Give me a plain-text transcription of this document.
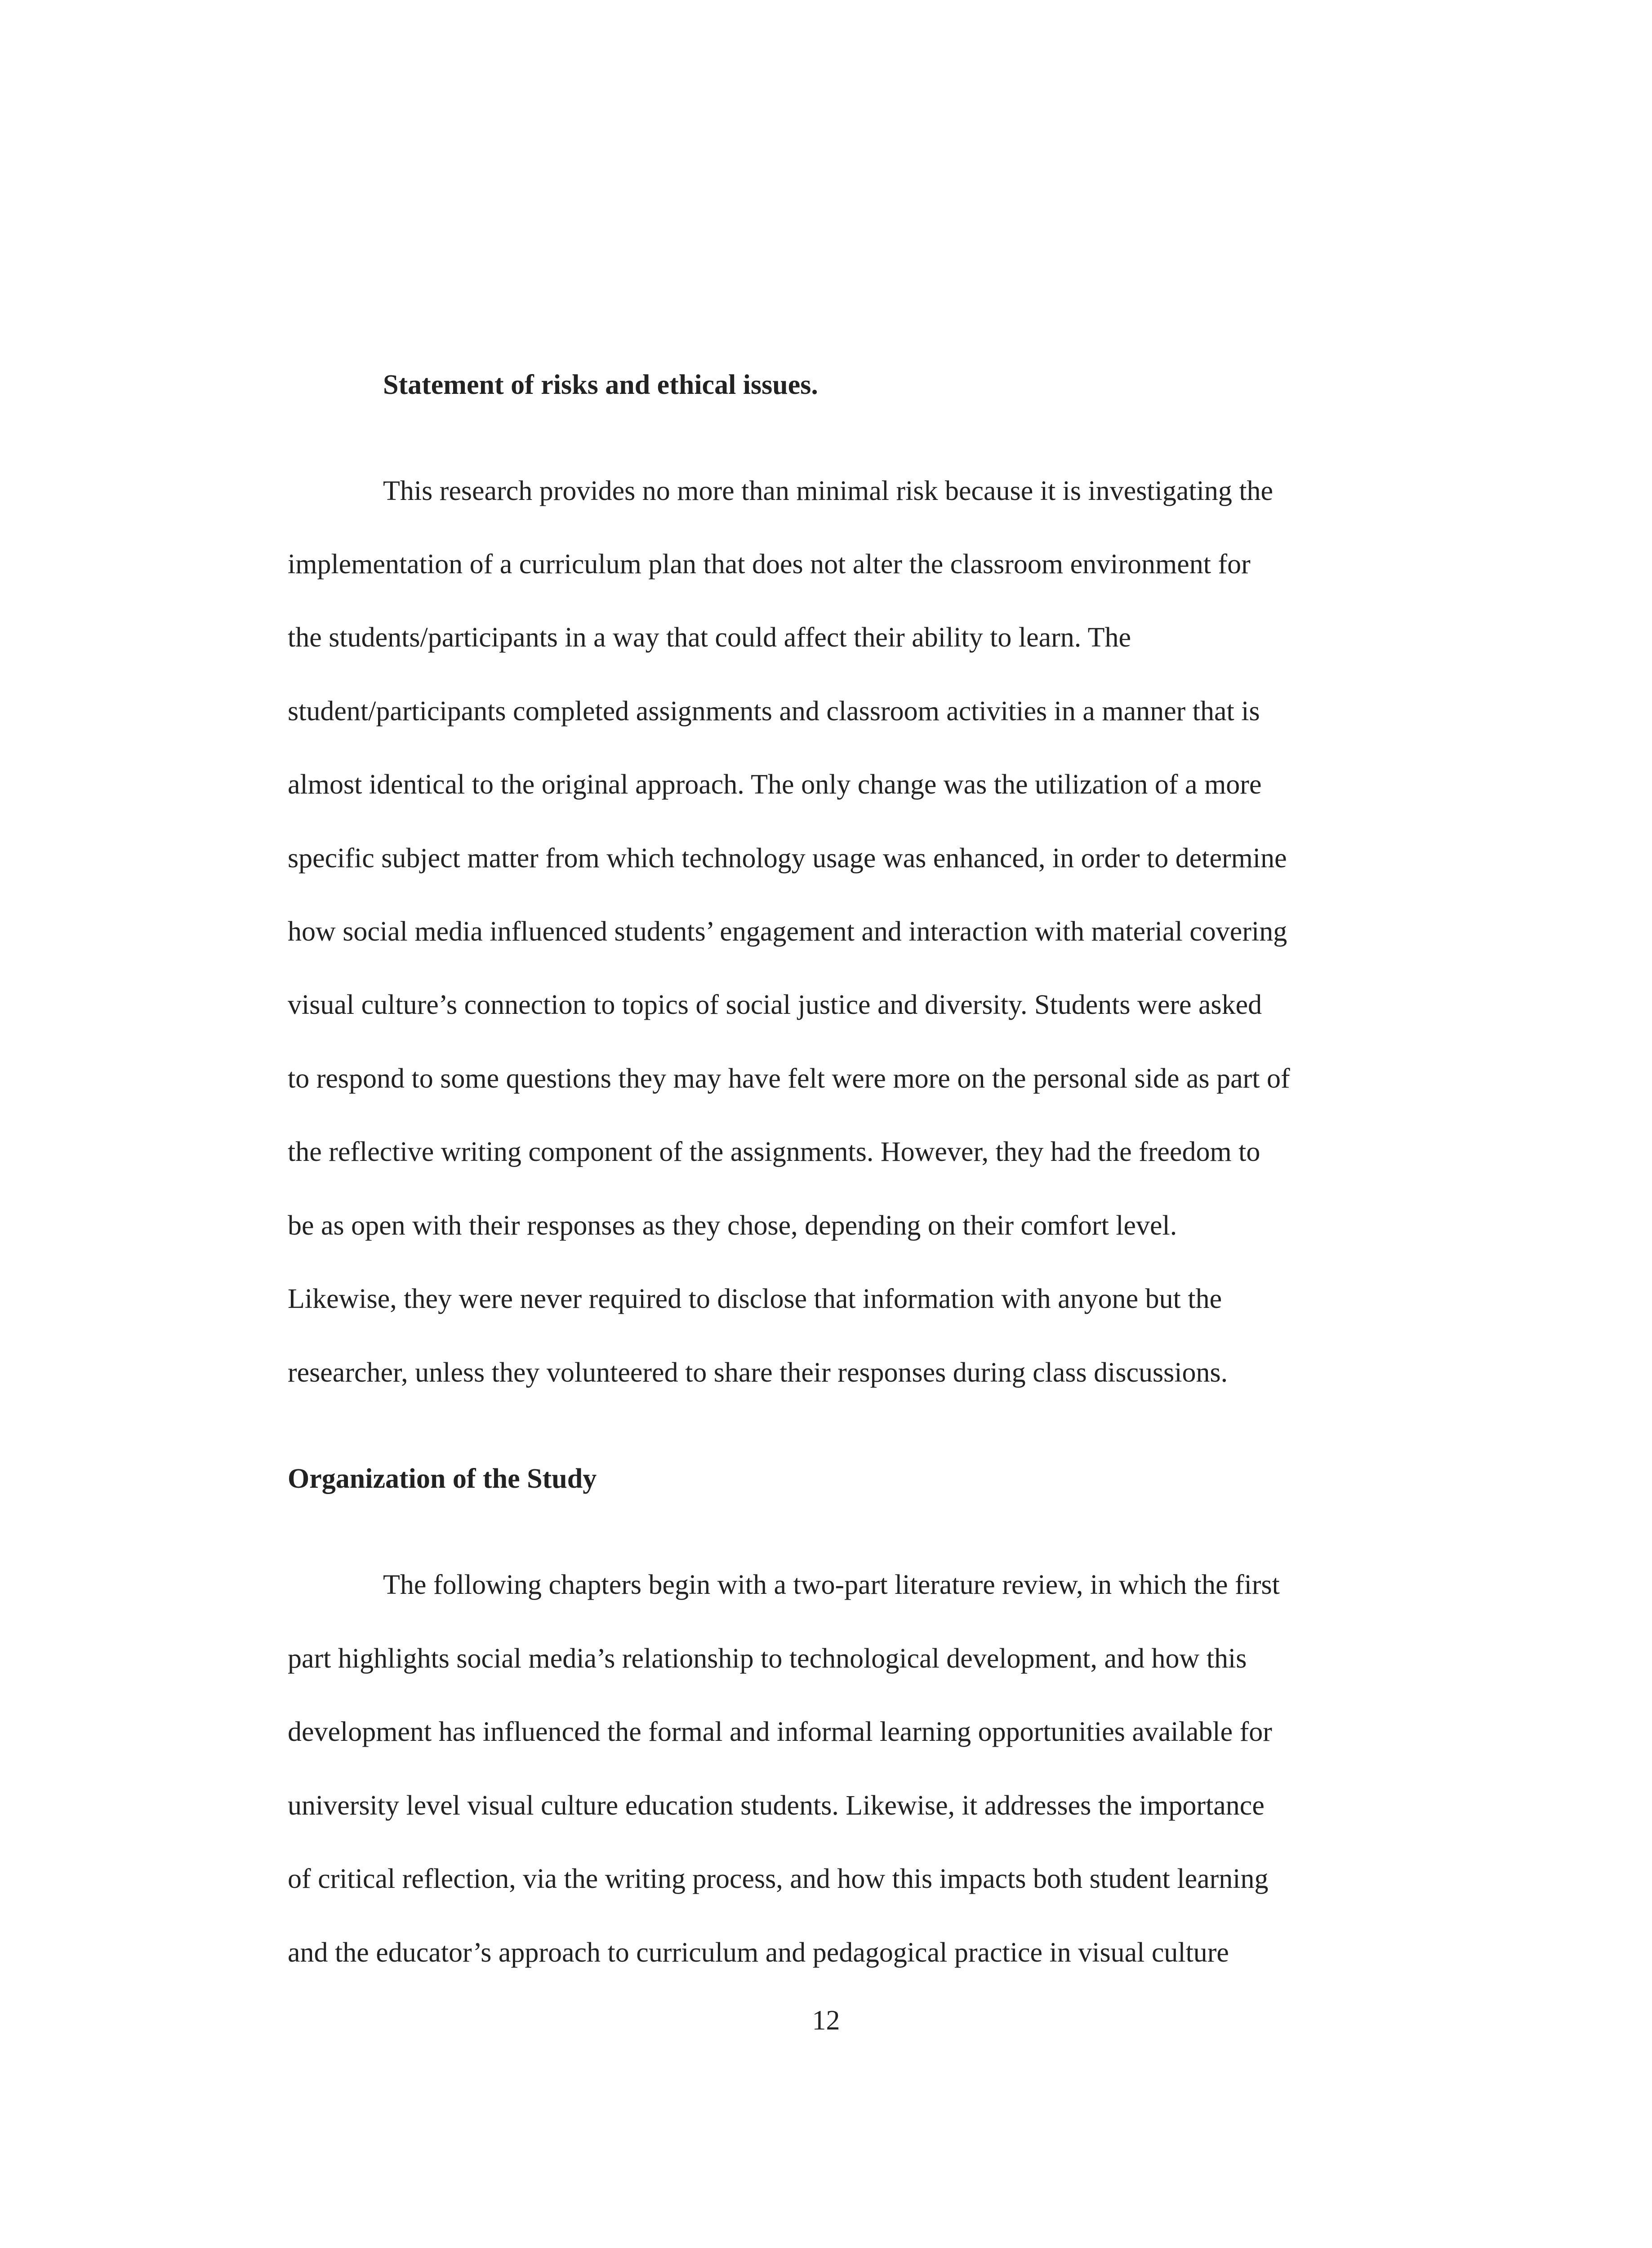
Statement of risks and ethical issues.

This research provides no more than minimal risk because it is investigating the

implementation of a curriculum plan that does not alter the classroom environment for

the students/participants in a way that could affect their ability to learn. The

student/participants completed assignments and classroom activities in a manner that is

almost identical to the original approach. The only change was the utilization of a more

specific subject matter from which technology usage was enhanced, in order to determine

how social media influenced students’ engagement and interaction with material covering

visual culture’s connection to topics of social justice and diversity. Students were asked

to respond to some questions they may have felt were more on the personal side as part of

the reflective writing component of the assignments. However, they had the freedom to

be as open with their responses as they chose, depending on their comfort level.

Likewise, they were never required to disclose that information with anyone but the

researcher, unless they volunteered to share their responses during class discussions.

Organization of the Study

The following chapters begin with a two-part literature review, in which the first

part highlights social media’s relationship to technological development, and how this

development has influenced the formal and informal learning opportunities available for

university level visual culture education students. Likewise, it addresses the importance

of critical reflection, via the writing process, and how this impacts both student learning

and the educator’s approach to curriculum and pedagogical practice in visual culture

12
